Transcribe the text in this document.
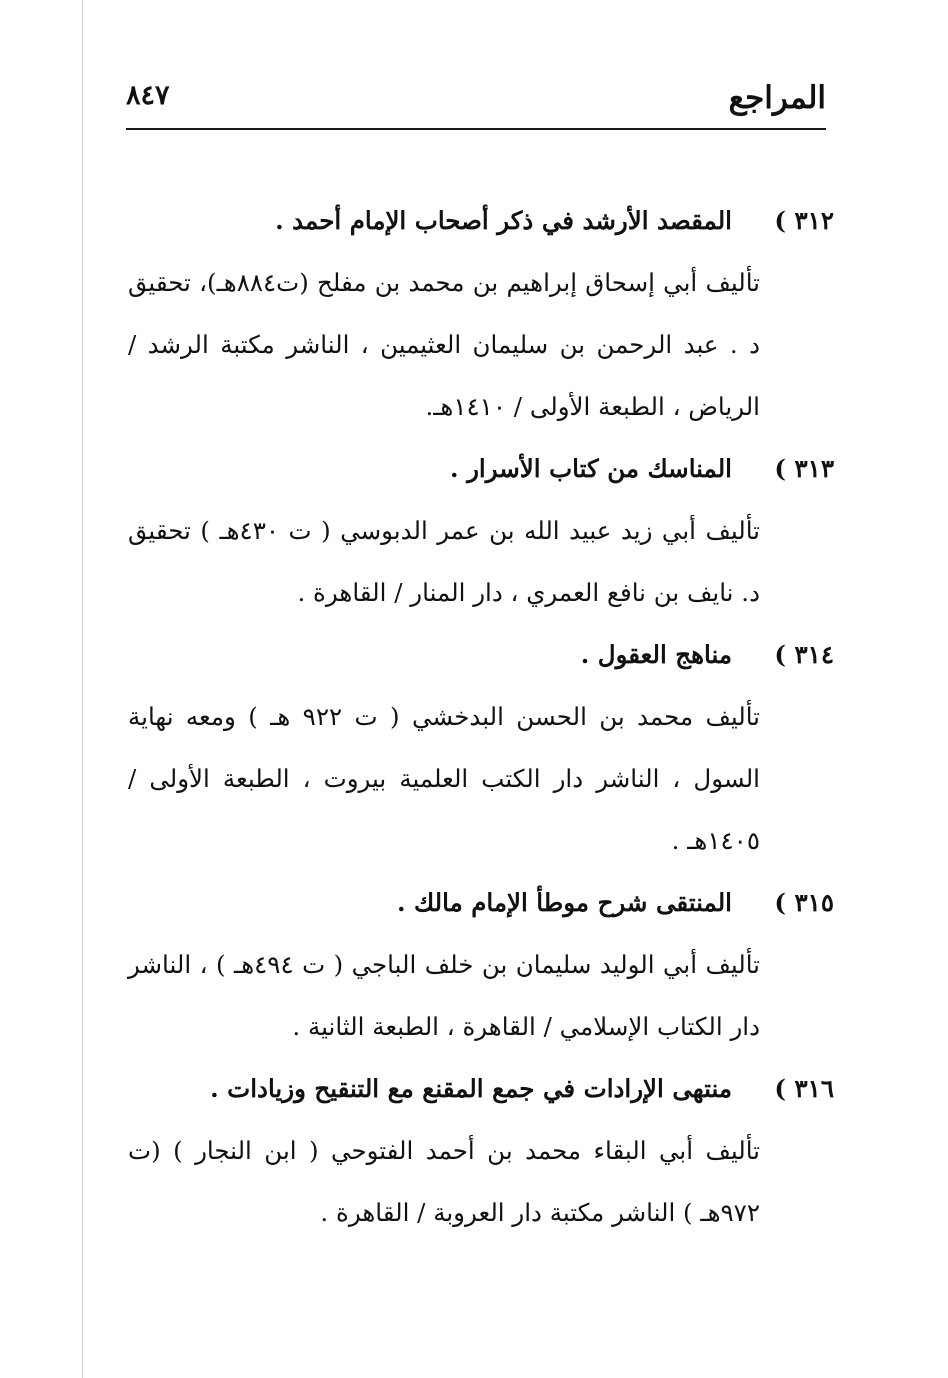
المراجع
٨٤٧
٣١٢ )
المقصد الأرشد في ذكر أصحاب الإمام أحمد .
تأليف أبي إسحاق إبراهيم بن محمد بن مفلح (ت٨٨٤هـ)، تحقيق د . عبد الرحمن بن سليمان العثيمين ، الناشر مكتبة الرشد / الرياض ، الطبعة الأولى / ١٤١٠هـ.
٣١٣ )
المناسك من كتاب الأسرار .
تأليف أبي زيد عبيد الله بن عمر الدبوسي ( ت ٤٣٠هـ ) تحقيق د. نايف بن نافع العمري ، دار المنار / القاهرة .
٣١٤ )
مناهج العقول .
تأليف محمد بن الحسن البدخشي ( ت ٩٢٢ هـ ) ومعه نهاية السول ، الناشر دار الكتب العلمية بيروت ، الطبعة الأولى / ١٤٠٥هـ .
٣١٥ )
المنتقى شرح موطأ الإمام مالك .
تأليف أبي الوليد سليمان بن خلف الباجي ( ت ٤٩٤هـ ) ، الناشر دار الكتاب الإسلامي / القاهرة ، الطبعة الثانية .
٣١٦ )
منتهى الإرادات في جمع المقنع مع التنقيح وزيادات .
تأليف أبي البقاء محمد بن أحمد الفتوحي ( ابن النجار ) (ت ٩٧٢هـ ) الناشر مكتبة دار العروبة / القاهرة .
